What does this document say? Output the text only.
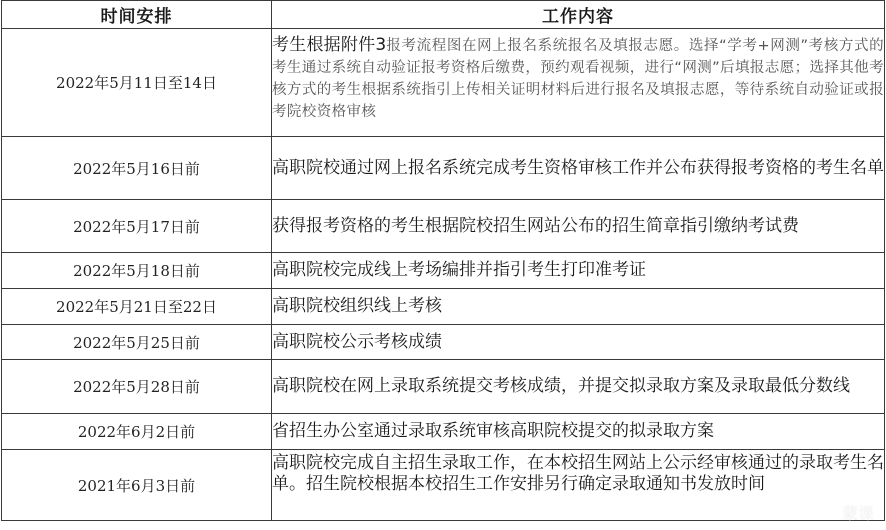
时间安排	工作内容
2022年5月11日至14日	考生根据附件3报考流程图在网上报名系统报名及填报志愿。选择“学考+网测”考核方式的考生通过系统自动验证报考资格后缴费，预约观看视频，进行“网测”后填报志愿；选择其他考核方式的考生根据系统指引上传相关证明材料后进行报名及填报志愿，等待系统自动验证或报考院校资格审核
2022年5月16日前	高职院校通过网上报名系统完成考生资格审核工作并公布获得报考资格的考生名单
2022年5月17日前	获得报考资格的考生根据院校招生网站公布的招生简章指引缴纳考试费
2022年5月18日前	高职院校完成线上考场编排并指引考生打印准考证
2022年5月21日至22日	高职院校组织线上考核
2022年5月25日前	高职院校公示考核成绩
2022年5月28日前	高职院校在网上录取系统提交考核成绩，并提交拟录取方案及录取最低分数线
2022年6月2日前	省招生办公室通过录取系统审核高职院校提交的拟录取方案
2021年6月3日前	高职院校完成自主招生录取工作，在本校招生网站上公示经审核通过的录取考生名单。招生院校根据本校招生工作安排另行确定录取通知书发放时间
蒙课
